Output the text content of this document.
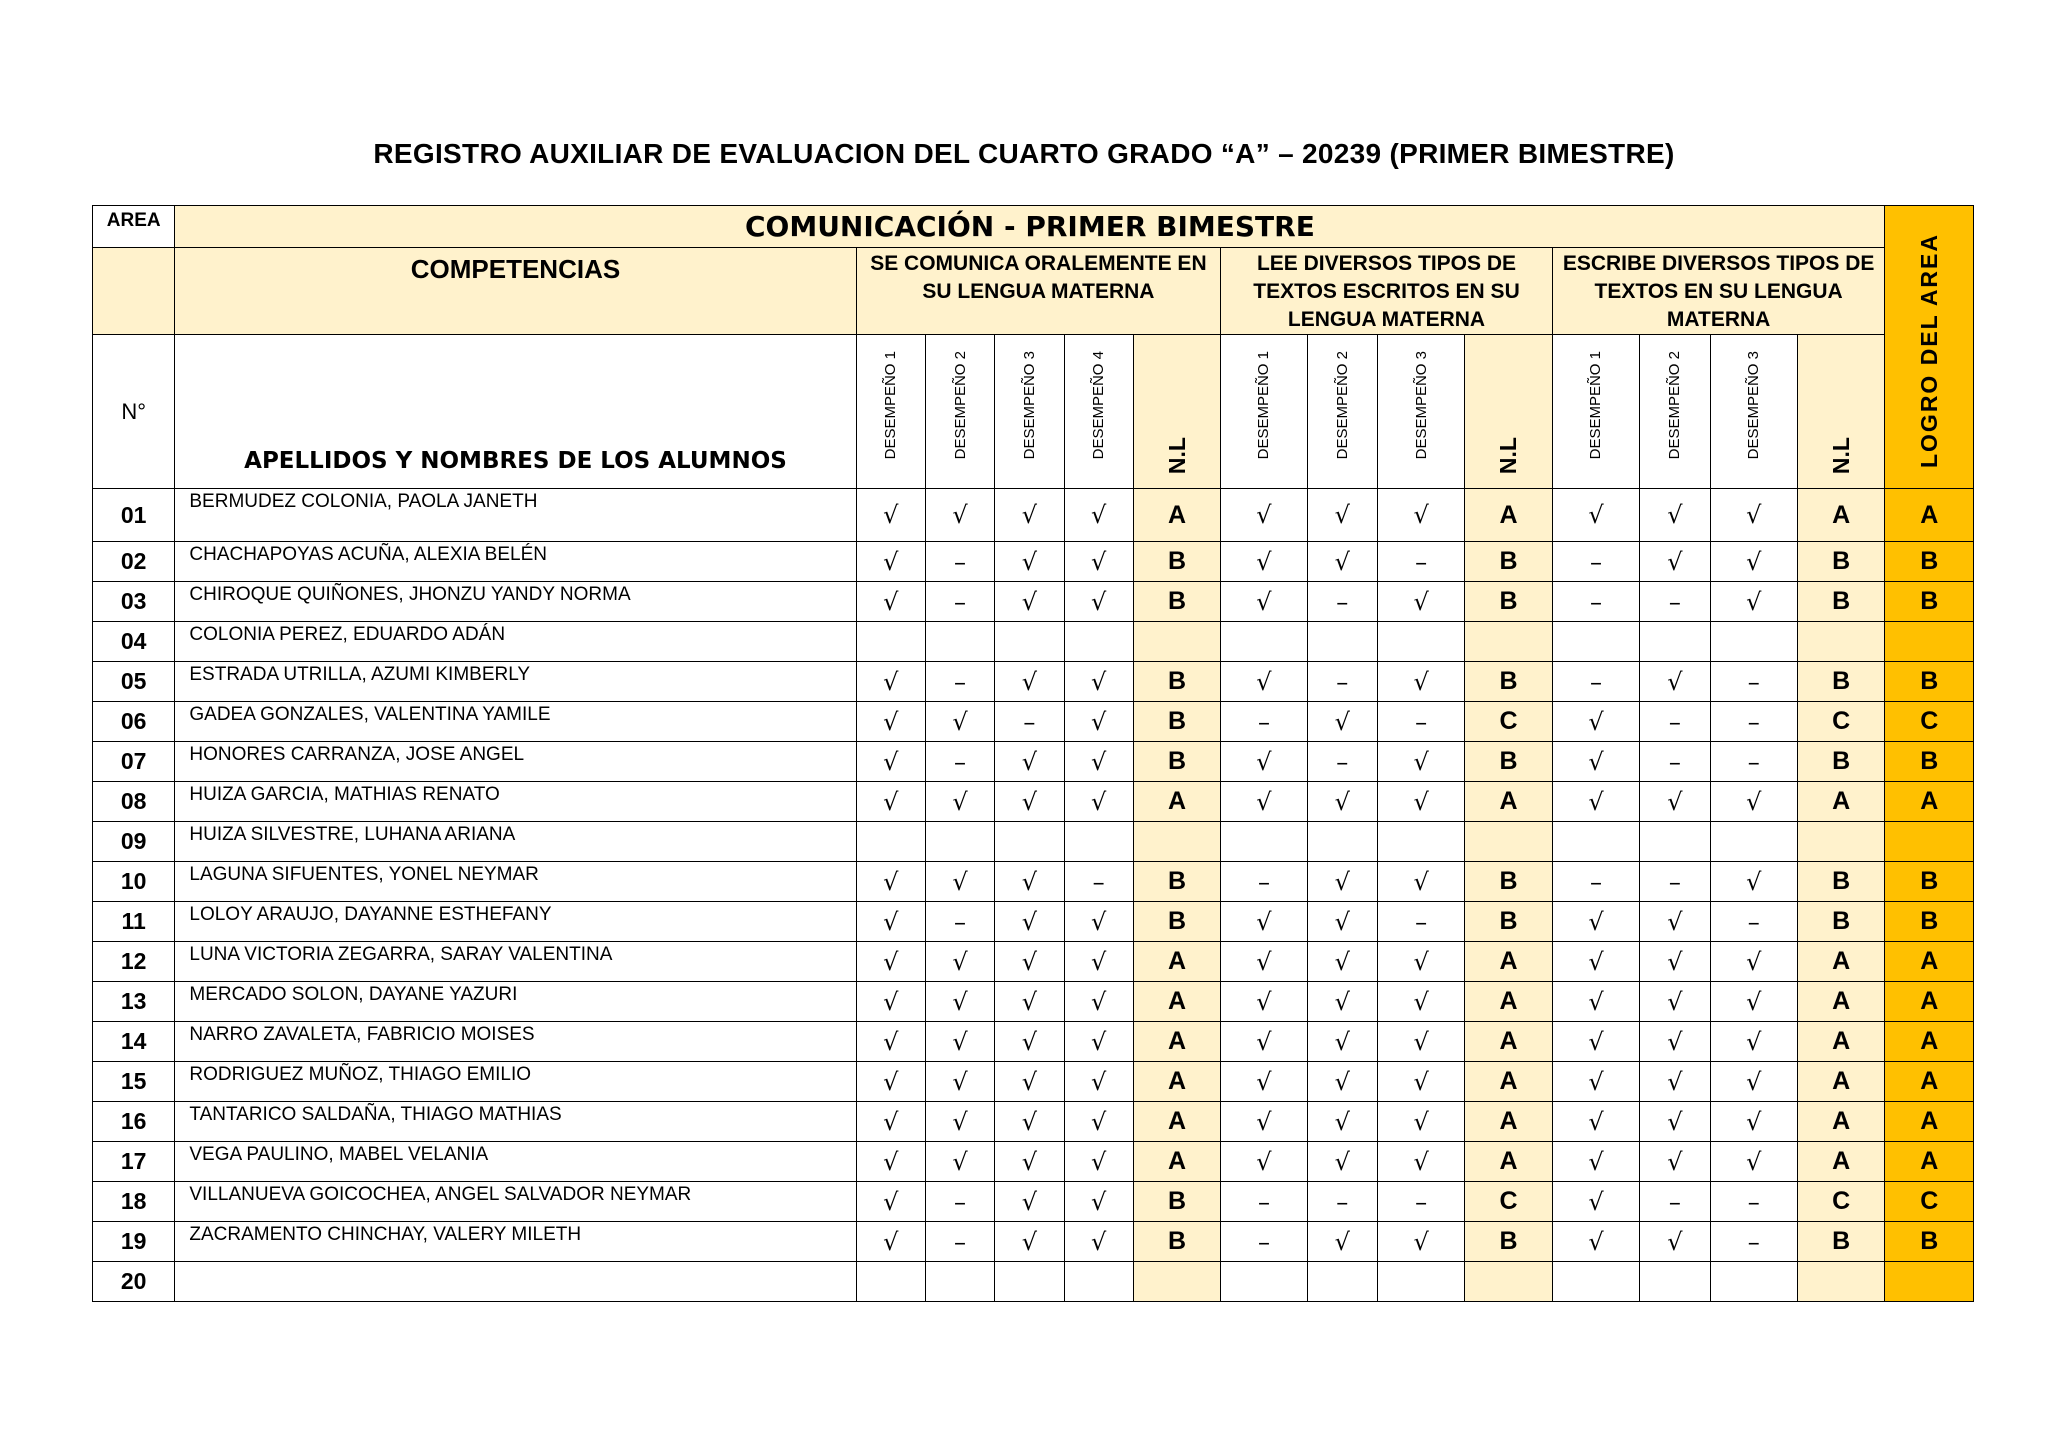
REGISTRO AUXILIAR DE EVALUACION DEL CUARTO GRADO “A” – 20239 (PRIMER BIMESTRE)
AREA	COMUNICACIÓN - PRIMER BIMESTRE														LOGRO DEL AREA
	COMPETENCIAS	SE COMUNICA ORALEMENTE EN SU LENGUA MATERNA					LEE DIVERSOS TIPOS DE TEXTOS ESCRITOS EN SU LENGUA MATERNA				ESCRIBE DIVERSOS TIPOS DE TEXTOS EN SU LENGUA MATERNA				
N°	APELLIDOS Y NOMBRES DE LOS ALUMNOS	DESEMPEÑO 1	DESEMPEÑO 2	DESEMPEÑO 3	DESEMPEÑO 4	N.L	DESEMPEÑO 1	DESEMPEÑO 2	DESEMPEÑO 3	N.L	DESEMPEÑO 1	DESEMPEÑO 2	DESEMPEÑO 3	N.L	
01	BERMUDEZ COLONIA, PAOLA JANETH	√	√	√	√	A	√	√	√	A	√	√	√	A	A
02	CHACHAPOYAS ACUÑA, ALEXIA BELÉN	√	–	√	√	B	√	√	–	B	–	√	√	B	B
03	CHIROQUE QUIÑONES, JHONZU YANDY NORMA	√	–	√	√	B	√	–	√	B	–	–	√	B	B
04	COLONIA PEREZ, EDUARDO ADÁN														
05	ESTRADA UTRILLA, AZUMI KIMBERLY	√	–	√	√	B	√	–	√	B	–	√	–	B	B
06	GADEA GONZALES, VALENTINA YAMILE	√	√	–	√	B	–	√	–	C	√	–	–	C	C
07	HONORES CARRANZA, JOSE ANGEL	√	–	√	√	B	√	–	√	B	√	–	–	B	B
08	HUIZA GARCIA, MATHIAS RENATO	√	√	√	√	A	√	√	√	A	√	√	√	A	A
09	HUIZA SILVESTRE, LUHANA ARIANA														
10	LAGUNA SIFUENTES, YONEL NEYMAR	√	√	√	–	B	–	√	√	B	–	–	√	B	B
11	LOLOY ARAUJO, DAYANNE ESTHEFANY	√	–	√	√	B	√	√	–	B	√	√	–	B	B
12	LUNA VICTORIA ZEGARRA, SARAY VALENTINA	√	√	√	√	A	√	√	√	A	√	√	√	A	A
13	MERCADO SOLON, DAYANE YAZURI	√	√	√	√	A	√	√	√	A	√	√	√	A	A
14	NARRO ZAVALETA, FABRICIO MOISES	√	√	√	√	A	√	√	√	A	√	√	√	A	A
15	RODRIGUEZ MUÑOZ, THIAGO EMILIO	√	√	√	√	A	√	√	√	A	√	√	√	A	A
16	TANTARICO SALDAÑA, THIAGO MATHIAS	√	√	√	√	A	√	√	√	A	√	√	√	A	A
17	VEGA PAULINO, MABEL VELANIA	√	√	√	√	A	√	√	√	A	√	√	√	A	A
18	VILLANUEVA GOICOCHEA, ANGEL SALVADOR NEYMAR	√	–	√	√	B	–	–	–	C	√	–	–	C	C
19	ZACRAMENTO CHINCHAY, VALERY MILETH	√	–	√	√	B	–	√	√	B	√	√	–	B	B
20															
